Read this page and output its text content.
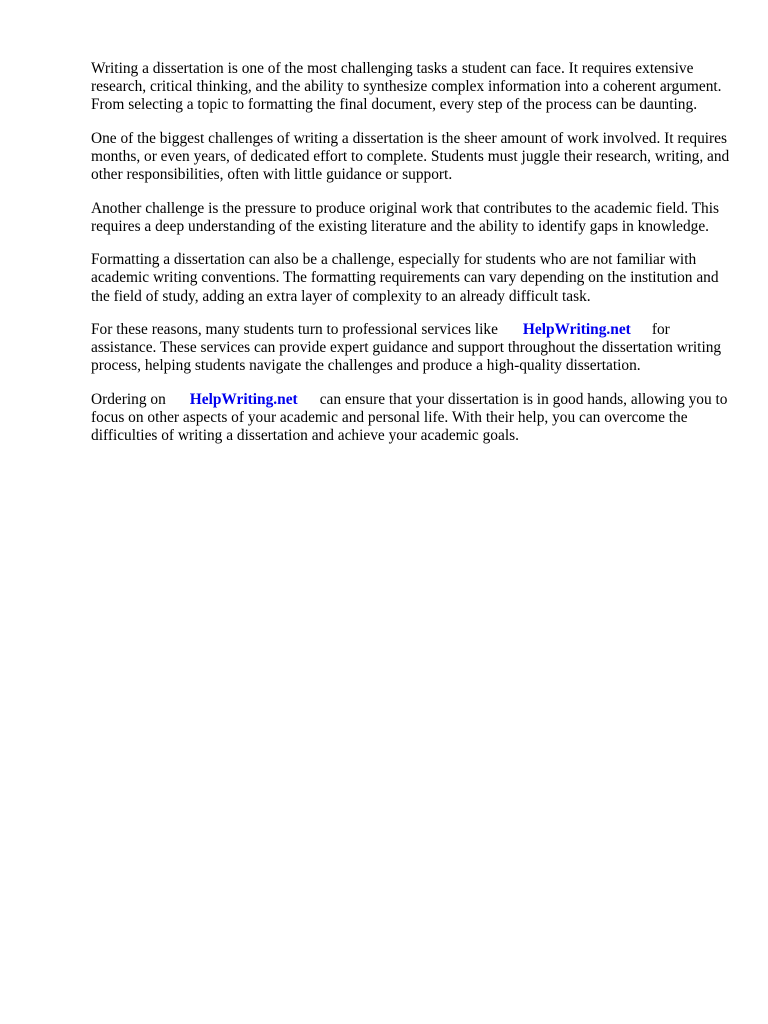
Writing a dissertation is one of the most challenging tasks a student can face. It requires extensive research, critical thinking, and the ability to synthesize complex information into a coherent argument. From selecting a topic to formatting the final document, every step of the process can be daunting.

One of the biggest challenges of writing a dissertation is the sheer amount of work involved. It requires months, or even years, of dedicated effort to complete. Students must juggle their research, writing, and other responsibilities, often with little guidance or support.

Another challenge is the pressure to produce original work that contributes to the academic field. This requires a deep understanding of the existing literature and the ability to identify gaps in knowledge.

Formatting a dissertation can also be a challenge, especially for students who are not familiar with academic writing conventions. The formatting requirements can vary depending on the institution and the field of study, adding an extra layer of complexity to an already difficult task.

For these reasons, many students turn to professional services like HelpWriting.net for assistance. These services can provide expert guidance and support throughout the dissertation writing process, helping students navigate the challenges and produce a high-quality dissertation.

Ordering on HelpWriting.net can ensure that your dissertation is in good hands, allowing you to focus on other aspects of your academic and personal life. With their help, you can overcome the difficulties of writing a dissertation and achieve your academic goals.
